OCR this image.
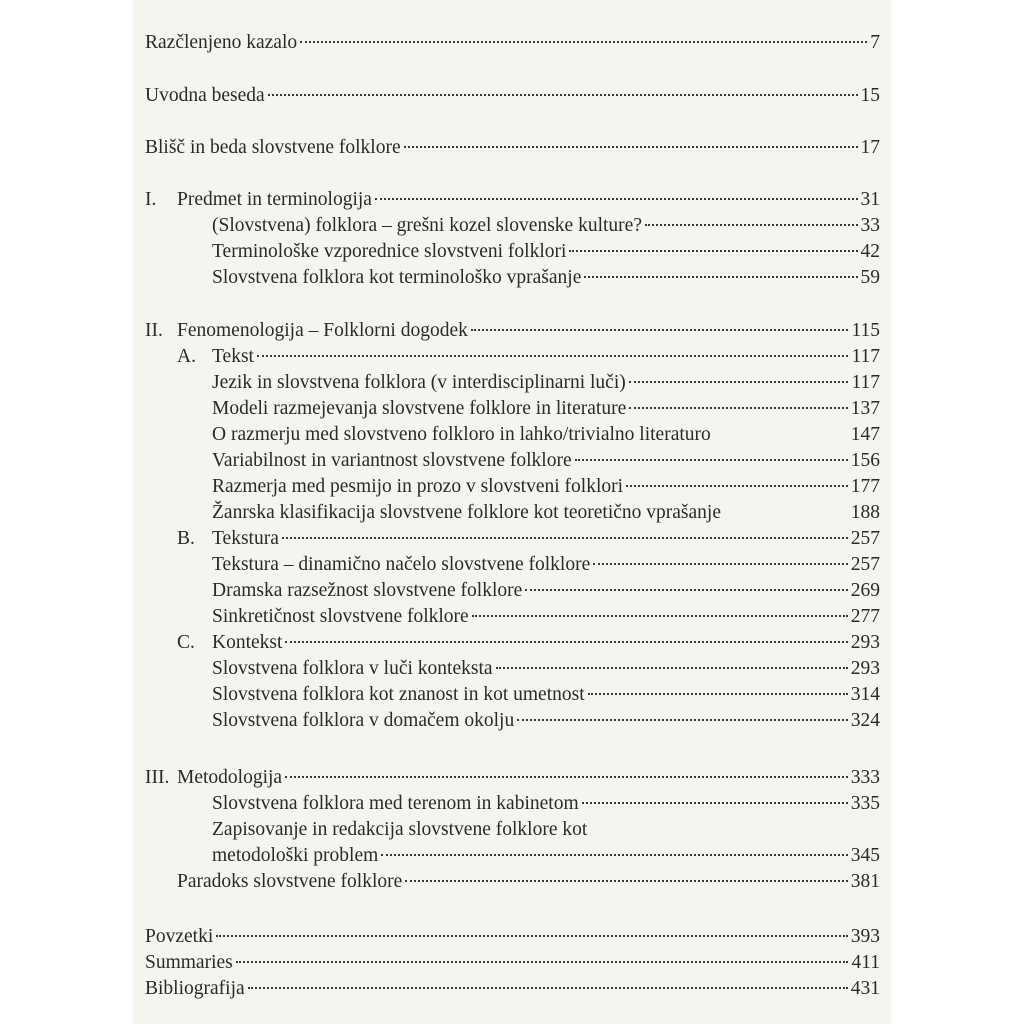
Razčlenjeno kazalo	7
Uvodna beseda	15
Blišč in beda slovstvene folklore	17
I.	Predmet in terminologija	31
(Slovstvena) folklora – grešni kozel slovenske kulture?	33
Terminološke vzporednice slovstveni folklori	42
Slovstvena folklora kot terminološko vprašanje	59
II. Fenomenologija – Folklorni dogodek	115
A. Tekst	117
Jezik in slovstvena folklora (v interdisciplinarni luči)	117
Modeli razmejevanja slovstvene folklore in literature	137
O razmerju med slovstveno folkloro in lahko/trivialno literaturo	147
Variabilnost in variantnost slovstvene folklore	156
Razmerja med pesmijo in prozo v slovstveni folklori	177
Žanrska klasifikacija slovstvene folklore kot teoretično vprašanje	188
B. Tekstura	257
Tekstura – dinamično načelo slovstvene folklore	257
Dramska razsežnost slovstvene folklore	269
Sinkretičnost slovstvene folklore	277
C. Kontekst	293
Slovstvena folklora v luči konteksta	293
Slovstvena folklora kot znanost in kot umetnost	314
Slovstvena folklora v domačem okolju	324
III. Metodologija	333
Slovstvena folklora med terenom in kabinetom	335
Zapisovanje in redakcija slovstvene folklore kot
metodološki problem	345
Paradoks slovstvene folklore	381
Povzetki	393
Summaries	411
Bibliografija	431
